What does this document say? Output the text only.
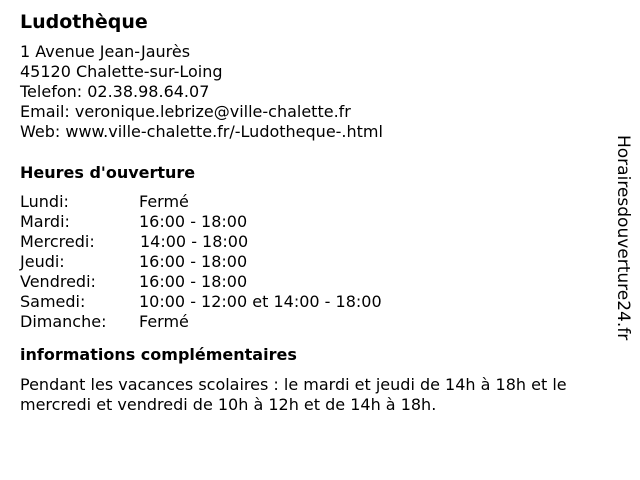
Ludothèque
1 Avenue Jean-Jaurès
45120 Chalette-sur-Loing
Telefon: 02.38.98.64.07
Email: veronique.lebrize@ville-chalette.fr
Web: www.ville-chalette.fr/-Ludotheque-.html
Heures d'ouverture
Lundi:	Fermé
Mardi:	16:00 - 18:00
Mercredi:	14:00 - 18:00
Jeudi:	16:00 - 18:00
Vendredi:	16:00 - 18:00
Samedi:	10:00 - 12:00 et 14:00 - 18:00
Dimanche:	Fermé
informations complémentaires
Pendant les vacances scolaires : le mardi et jeudi de 14h à 18h et le mercredi et vendredi de 10h à 12h et de 14h à 18h.
Horairesdouverture24.fr
